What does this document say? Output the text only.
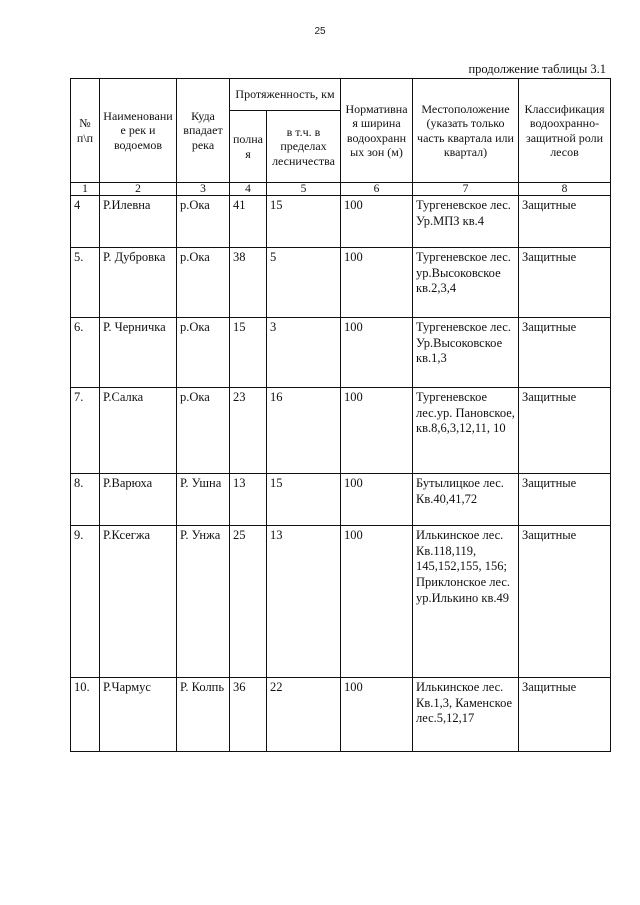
25
продолжение таблицы 3.1
№ п\п	Наименование рек и водоемов	Куда впадает река	Протяженность, км		Нормативная ширина водоохранных зон (м)	Местоположение (указать только часть квартала или квартал)	Классификация водоохранно-защитной роли лесов
			полная	в т.ч. в пределах лесничества			
1	2	3	4	5	6	7	8
4	Р.Илевна	р.Ока	41	15	100	Тургеневское лес. Ур.МПЗ кв.4	Защитные
5.	Р. Дубровка	р.Ока	38	5	100	Тургеневское лес. ур.Высоковское кв.2,3,4	Защитные
6.	Р. Черничка	р.Ока	15	3	100	Тургеневское лес. Ур.Высоковское кв.1,3	Защитные
7.	Р.Салка	р.Ока	23	16	100	Тургеневское лес.ур. Пановское, кв.8,6,3,12,11, 10	Защитные
8.	Р.Варюха	Р. Ушна	13	15	100	Бутылицкое лес. Кв.40,41,72	Защитные
9.	Р.Ксегжа	Р. Унжа	25	13	100	Илькинское лес. Кв.118,119, 145,152,155, 156; Приклонское лес. ур.Илькино кв.49	Защитные
10.	Р.Чармус	Р. Колпь	36	22	100	Илькинское лес. Кв.1,3, Каменское лес.5,12,17	Защитные
